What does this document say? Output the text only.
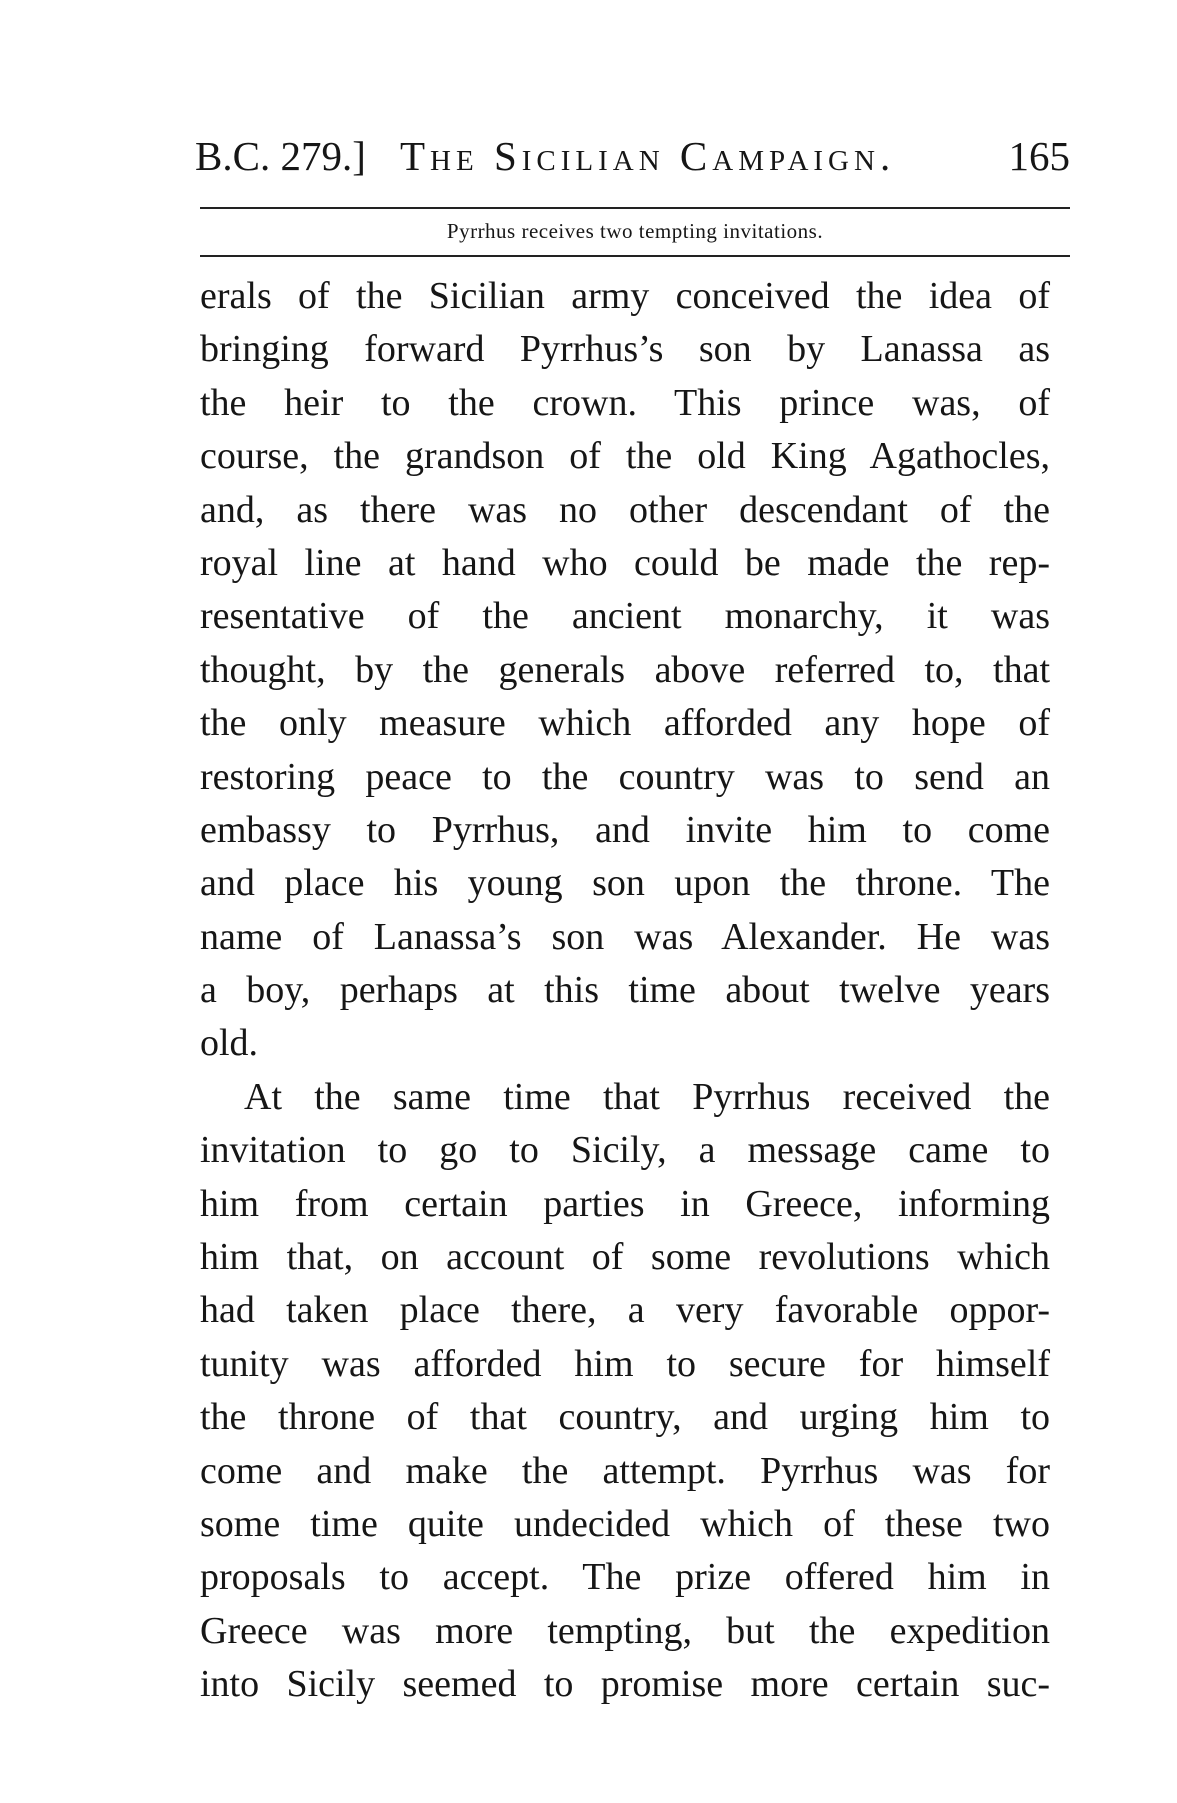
B.C. 279.] The Sicilian Campaign.	165
Pyrrhus receives two tempting invitations.
erals of the Sicilian army conceived the idea of
bringing forward Pyrrhus’s son by Lanassa as
the heir to the crown. This prince was, of
course, the grandson of the old King Agathocles,
and, as there was no other descendant of the
royal line at hand who could be made the rep-
resentative of the ancient monarchy, it was
thought, by the generals above referred to, that
the only measure which afforded any hope of
restoring peace to the country was to send an
embassy to Pyrrhus, and invite him to come
and place his young son upon the throne. The
name of Lanassa’s son was Alexander. He was
a boy, perhaps at this time about twelve years
old.
At the same time that Pyrrhus received the
invitation to go to Sicily, a message came to
him from certain parties in Greece, informing
him that, on account of some revolutions which
had taken place there, a very favorable oppor-
tunity was afforded him to secure for himself
the throne of that country, and urging him to
come and make the attempt. Pyrrhus was for
some time quite undecided which of these two
proposals to accept. The prize offered him in
Greece was more tempting, but the expedition
into Sicily seemed to promise more certain suc-
